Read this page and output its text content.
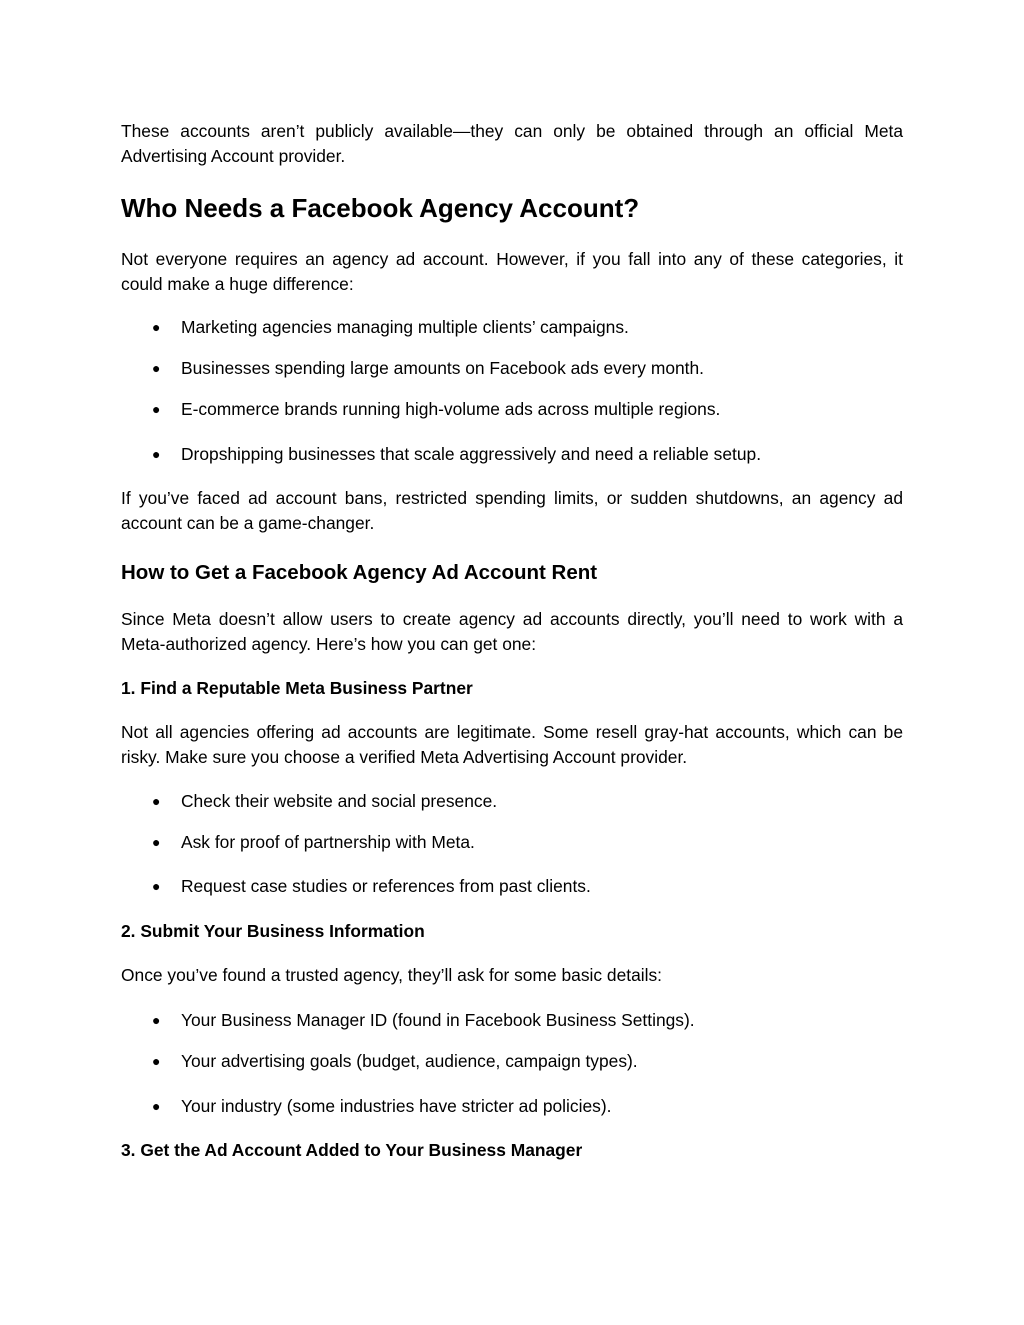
These accounts aren’t publicly available—they can only be obtained through an official Meta Advertising Account provider.

Who Needs a Facebook Agency Account?

Not everyone requires an agency ad account. However, if you fall into any of these categories, it could make a huge difference:

● Marketing agencies managing multiple clients’ campaigns.
● Businesses spending large amounts on Facebook ads every month.
● E-commerce brands running high-volume ads across multiple regions.
● Dropshipping businesses that scale aggressively and need a reliable setup.

If you’ve faced ad account bans, restricted spending limits, or sudden shutdowns, an agency ad account can be a game-changer.

How to Get a Facebook Agency Ad Account Rent

Since Meta doesn’t allow users to create agency ad accounts directly, you’ll need to work with a Meta-authorized agency. Here’s how you can get one:

1. Find a Reputable Meta Business Partner

Not all agencies offering ad accounts are legitimate. Some resell gray-hat accounts, which can be risky. Make sure you choose a verified Meta Advertising Account provider.

● Check their website and social presence.
● Ask for proof of partnership with Meta.
● Request case studies or references from past clients.
2. Submit Your Business Information

Once you’ve found a trusted agency, they’ll ask for some basic details:

● Your Business Manager ID (found in Facebook Business Settings).
● Your advertising goals (budget, audience, campaign types).
● Your industry (some industries have stricter ad policies).
3. Get the Ad Account Added to Your Business Manager
